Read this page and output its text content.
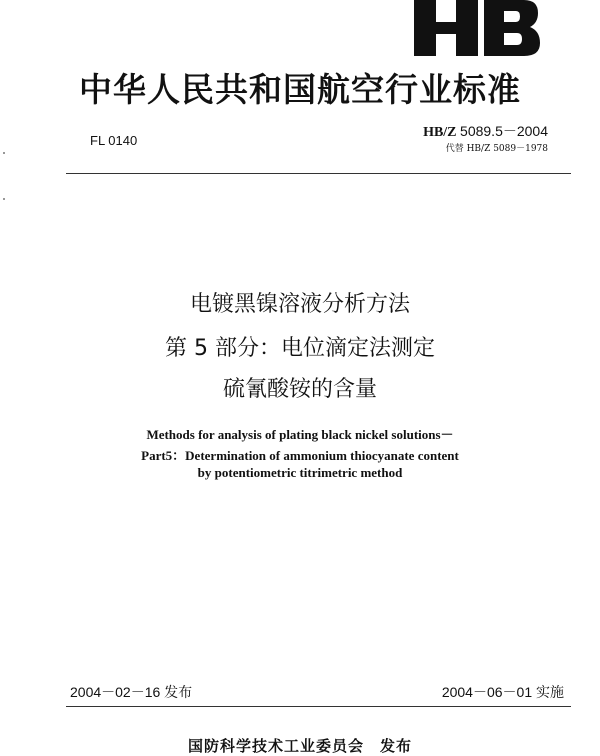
中华人民共和国航空行业标准
FL 0140
HB/Z 5089.5－2004
代替 HB/Z 5089－1978
电镀黑镍溶液分析方法
第 5 部分：电位滴定法测定
硫氰酸铵的含量
Methods for analysis of plating black nickel solutions－
Part5：Determination of ammonium thiocyanate content
by potentiometric titrimetric method
2004－02－16 发布	2004－06－01 实施
国防科学技术工业委员会　发布
